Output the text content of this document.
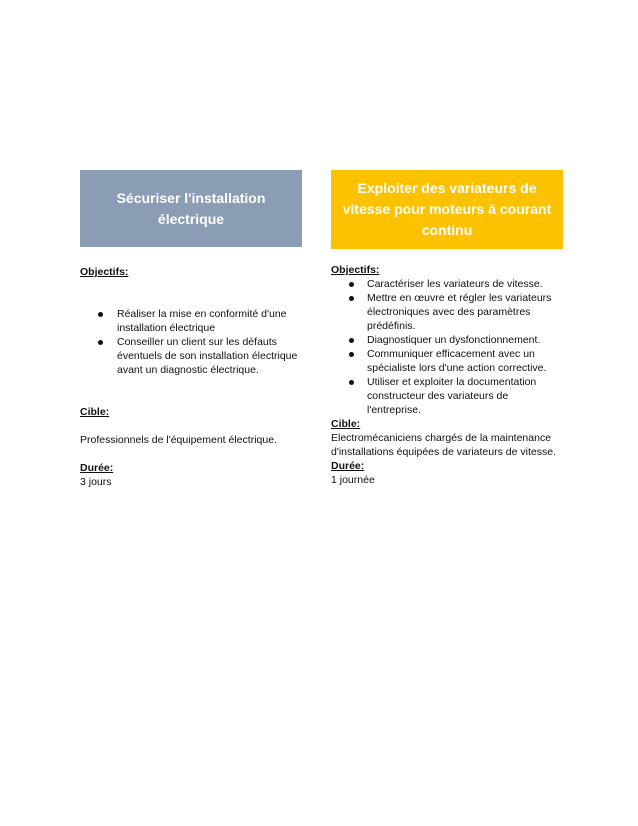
Sécuriser l'installation électrique
Objectifs:
Réaliser la mise en conformité d'une installation électrique
Conseiller un client sur les défauts éventuels de son installation électrique avant un diagnostic électrique.
Cible:
Professionnels de l'équipement électrique.
Durée:
3 jours
Exploiter des variateurs de vitesse pour moteurs à courant continu
Objectifs:
Caractériser les variateurs de vitesse.
Mettre en œuvre et régler les variateurs électroniques avec des paramètres prédéfinis.
Diagnostiquer un dysfonctionnement.
Communiquer efficacement avec un spécialiste lors d'une action corrective.
Utiliser et exploiter la documentation constructeur des variateurs de l'entreprise.
Cible:
Electromécaniciens chargés de la maintenance d'installations équipées de variateurs de vitesse.
Durée:
1 journée
